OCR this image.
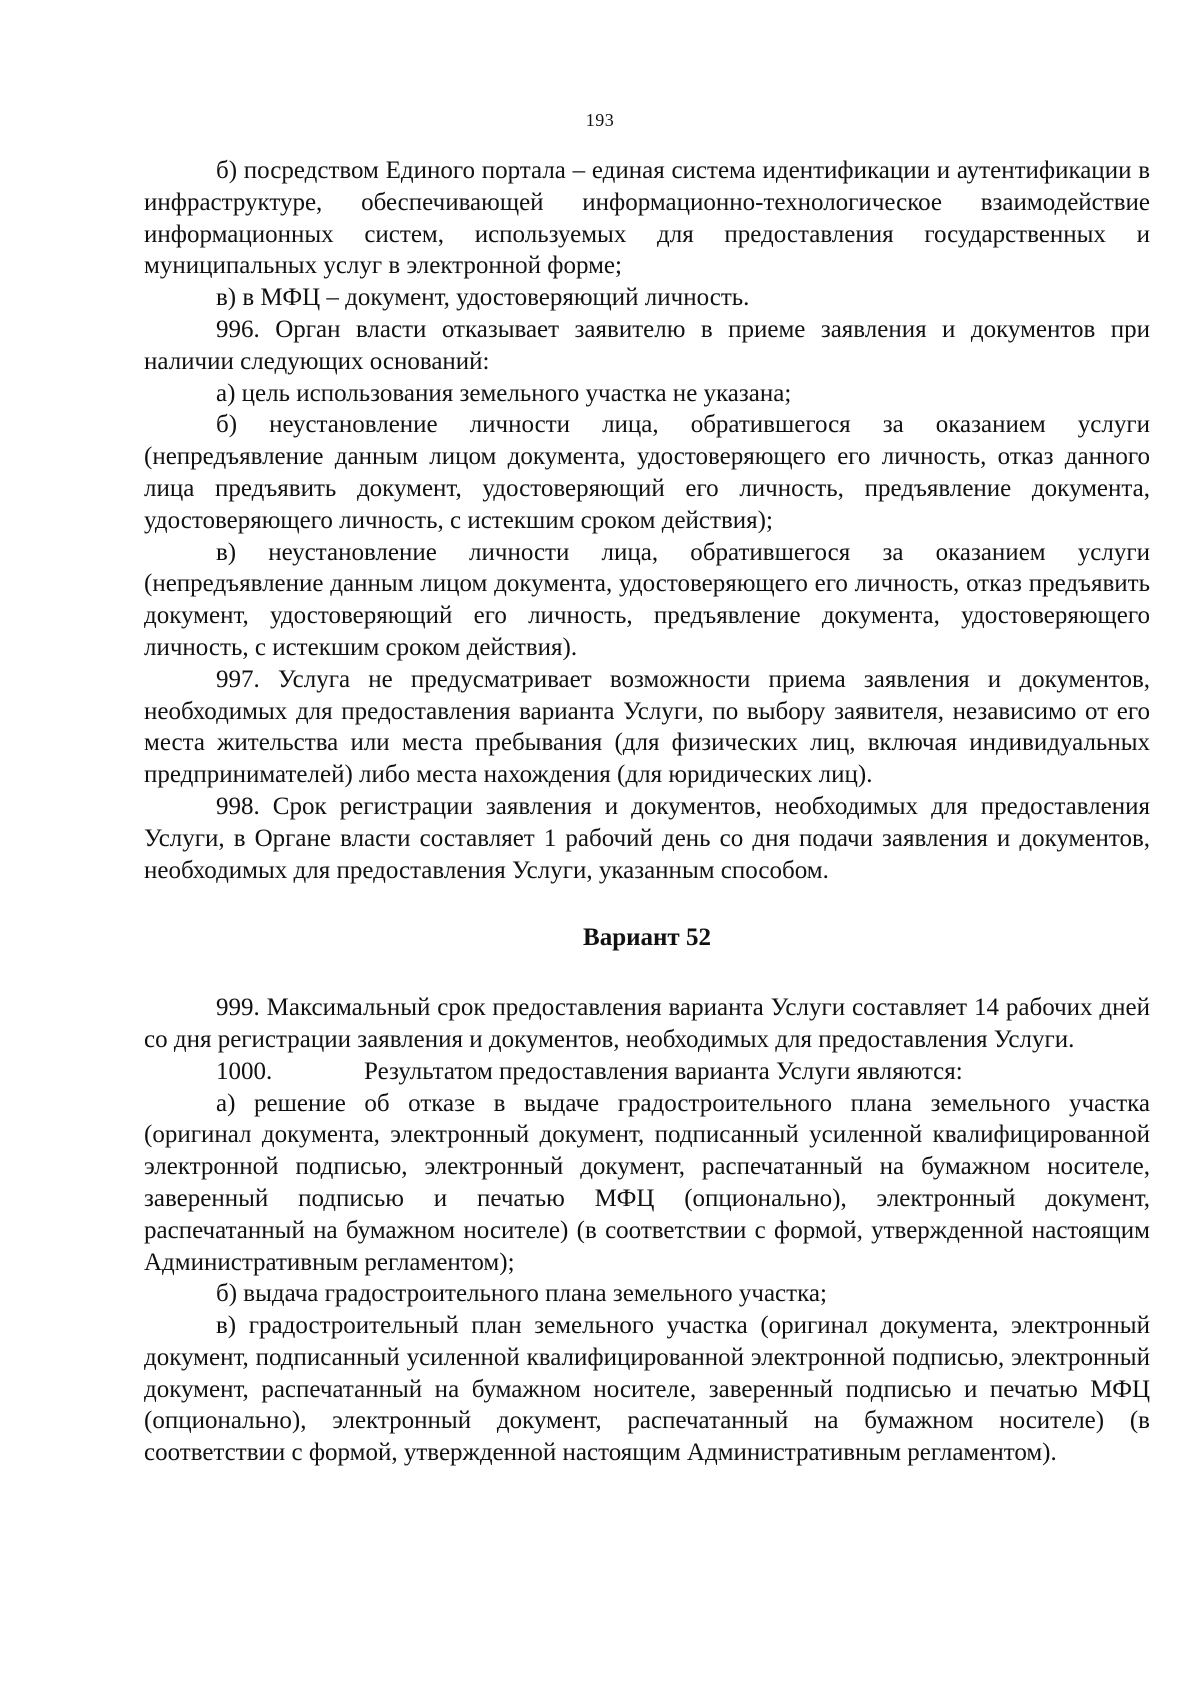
193

б) посредством Единого портала – единая система идентификации и аутентификации в инфраструктуре, обеспечивающей информационно-технологическое взаимодействие информационных систем, используемых для предоставления государственных и муниципальных услуг в электронной форме;

в) в МФЦ – документ, удостоверяющий личность.

996. Орган власти отказывает заявителю в приеме заявления и документов при наличии следующих оснований:

а) цель использования земельного участка не указана;

б) неустановление личности лица, обратившегося за оказанием услуги (непредъявление данным лицом документа, удостоверяющего его личность, отказ данного лица предъявить документ, удостоверяющий его личность, предъявление документа, удостоверяющего личность, с истекшим сроком действия);

в) неустановление личности лица, обратившегося за оказанием услуги (непредъявление данным лицом документа, удостоверяющего его личность, отказ предъявить документ, удостоверяющий его личность, предъявление документа, удостоверяющего личность, с истекшим сроком действия).

997. Услуга не предусматривает возможности приема заявления и документов, необходимых для предоставления варианта Услуги, по выбору заявителя, независимо от его места жительства или места пребывания (для физических лиц, включая индивидуальных предпринимателей) либо места нахождения (для юридических лиц).

998. Срок регистрации заявления и документов, необходимых для предоставления Услуги, в Органе власти составляет 1 рабочий день со дня подачи заявления и документов, необходимых для предоставления Услуги, указанным способом.

Вариант 52

999. Максимальный срок предоставления варианта Услуги составляет 14 рабочих дней со дня регистрации заявления и документов, необходимых для предоставления Услуги.

1000.	Результатом предоставления варианта Услуги являются:

а) решение об отказе в выдаче градостроительного плана земельного участка (оригинал документа, электронный документ, подписанный усиленной квалифицированной электронной подписью, электронный документ, распечатанный на бумажном носителе, заверенный подписью и печатью МФЦ (опционально), электронный документ, распечатанный на бумажном носителе) (в соответствии с формой, утвержденной настоящим Административным регламентом);

б) выдача градостроительного плана земельного участка;

в) градостроительный план земельного участка (оригинал документа, электронный документ, подписанный усиленной квалифицированной электронной подписью, электронный документ, распечатанный на бумажном носителе, заверенный подписью и печатью МФЦ (опционально), электронный документ, распечатанный на бумажном носителе) (в соответствии с формой, утвержденной настоящим Административным регламентом).
